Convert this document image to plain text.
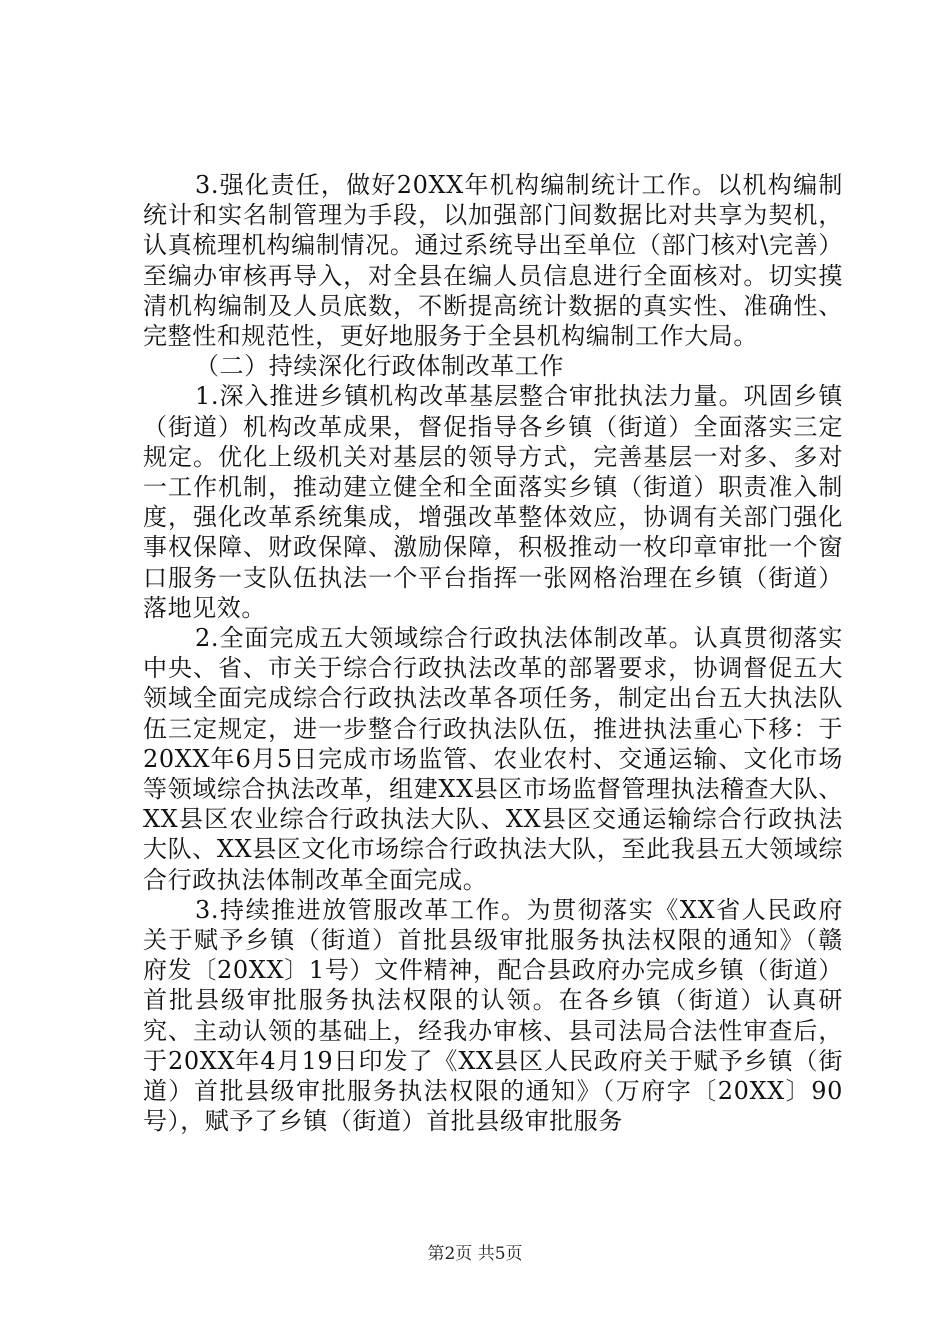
3.强化责任，做好20XX年机构编制统计工作。以机构编制统计和实名制管理为手段，以加强部门间数据比对共享为契机，认真梳理机构编制情况。通过系统导出至单位（部门核对\完善）至编办审核再导入，对全县在编人员信息进行全面核对。切实摸清机构编制及人员底数，不断提高统计数据的真实性、准确性、完整性和规范性，更好地服务于全县机构编制工作大局。

（二）持续深化行政体制改革工作

1.深入推进乡镇机构改革基层整合审批执法力量。巩固乡镇（街道）机构改革成果，督促指导各乡镇（街道）全面落实三定规定。优化上级机关对基层的领导方式，完善基层一对多、多对一工作机制，推动建立健全和全面落实乡镇（街道）职责准入制度，强化改革系统集成，增强改革整体效应，协调有关部门强化事权保障、财政保障、激励保障，积极推动一枚印章审批一个窗口服务一支队伍执法一个平台指挥一张网格治理在乡镇（街道）落地见效。

2.全面完成五大领域综合行政执法体制改革。认真贯彻落实中央、省、市关于综合行政执法改革的部署要求，协调督促五大领域全面完成综合行政执法改革各项任务，制定出台五大执法队伍三定规定，进一步整合行政执法队伍，推进执法重心下移：于20XX年6月5日完成市场监管、农业农村、交通运输、文化市场等领域综合执法改革，组建XX县区市场监督管理执法稽查大队、XX县区农业综合行政执法大队、XX县区交通运输综合行政执法大队、XX县区文化市场综合行政执法大队，至此我县五大领域综合行政执法体制改革全面完成。

3.持续推进放管服改革工作。为贯彻落实《XX省人民政府关于赋予乡镇（街道）首批县级审批服务执法权限的通知》（赣府发〔20XX〕1号）文件精神，配合县政府办完成乡镇（街道）首批县级审批服务执法权限的认领。在各乡镇（街道）认真研究、主动认领的基础上，经我办审核、县司法局合法性审查后，于20XX年4月19日印发了《XX县区人民政府关于赋予乡镇（街道）首批县级审批服务执法权限的通知》（万府字〔20XX〕90号），赋予了乡镇（街道）首批县级审批服务

第2页 共5页
